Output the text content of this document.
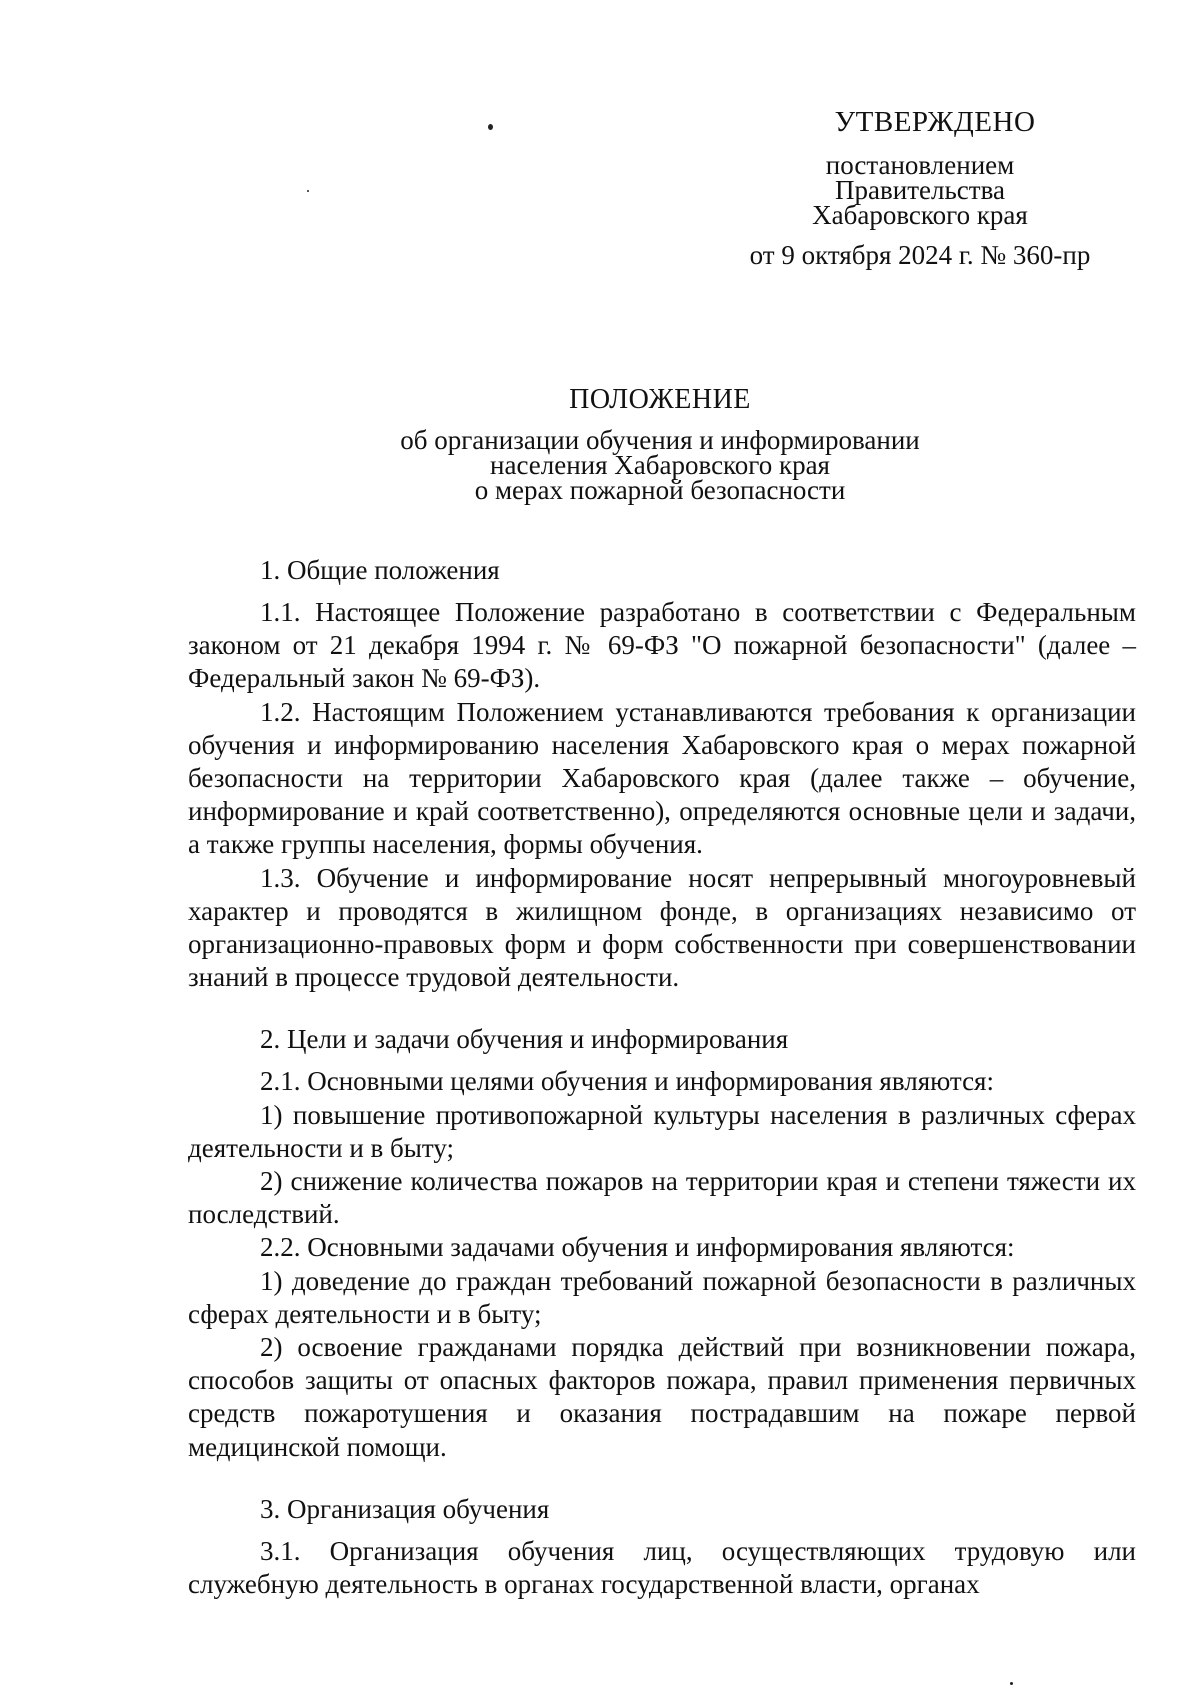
УТВЕРЖДЕНО
постановлением
Правительства
Хабаровского края
от 9 октября 2024 г. № 360-пр
ПОЛОЖЕНИЕ
об организации обучения и информировании
населения Хабаровского края
о мерах пожарной безопасности
1. Общие положения

1.1. Настоящее Положение разработано в соответствии с Федеральным законом от 21 декабря 1994 г. № 69-ФЗ "О пожарной безопасности" (далее – Федеральный закон № 69-ФЗ).

1.2. Настоящим Положением устанавливаются требования к организации обучения и информированию населения Хабаровского края о мерах пожарной безопасности на территории Хабаровского края (далее также – обучение, информирование и край соответственно), определяются основные цели и задачи, а также группы населения, формы обучения.

1.3. Обучение и информирование носят непрерывный многоуровневый характер и проводятся в жилищном фонде, в организациях независимо от организационно-правовых форм и форм собственности при совершенствовании знаний в процессе трудовой деятельности.

2. Цели и задачи обучения и информирования

2.1. Основными целями обучения и информирования являются:

1) повышение противопожарной культуры населения в различных сферах деятельности и в быту;

2) снижение количества пожаров на территории края и степени тяжести их последствий.

2.2. Основными задачами обучения и информирования являются:

1) доведение до граждан требований пожарной безопасности в различных сферах деятельности и в быту;

2) освоение гражданами порядка действий при возникновении пожара, способов защиты от опасных факторов пожара, правил применения первичных средств пожаротушения и оказания пострадавшим на пожаре первой медицинской помощи.

3. Организация обучения

3.1. Организация обучения лиц, осуществляющих трудовую или служебную деятельность в органах государственной власти, органах
